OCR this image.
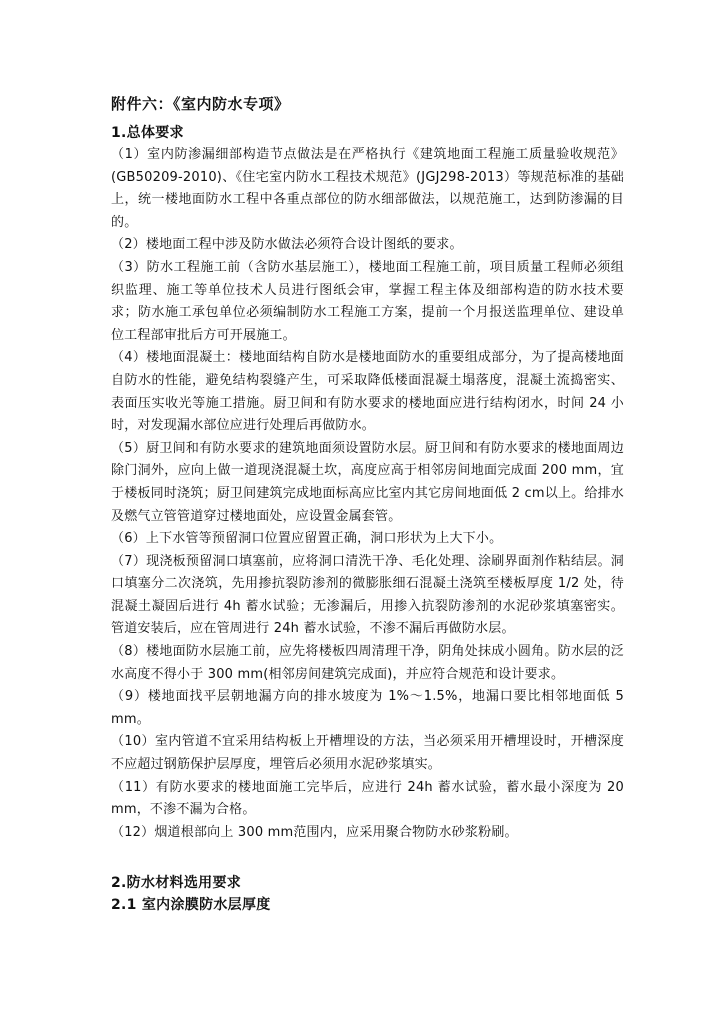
附件六：《室内防水专项》

1.总体要求

（1）室内防渗漏细部构造节点做法是在严格执行《建筑地面工程施工质量验收规范》(GB50209-2010)、《住宅室内防水工程技术规范》(JGJ298-2013）等规范标准的基础上，统一楼地面防水工程中各重点部位的防水细部做法，以规范施工，达到防渗漏的目的。

（2）楼地面工程中涉及防水做法必须符合设计图纸的要求。

（3）防水工程施工前（含防水基层施工），楼地面工程施工前，项目质量工程师必须组织监理、施工等单位技术人员进行图纸会审，掌握工程主体及细部构造的防水技术要求；防水施工承包单位必须编制防水工程施工方案，提前一个月报送监理单位、建设单位工程部审批后方可开展施工。

（4）楼地面混凝土：楼地面结构自防水是楼地面防水的重要组成部分，为了提高楼地面自防水的性能，避免结构裂缝产生，可采取降低楼面混凝土塌落度，混凝土流捣密实、表面压实收光等施工措施。厨卫间和有防水要求的楼地面应进行结构闭水，时间 24 小时，对发现漏水部位应进行处理后再做防水。

（5）厨卫间和有防水要求的建筑地面须设置防水层。厨卫间和有防水要求的楼地面周边除门洞外，应向上做一道现浇混凝土坎，高度应高于相邻房间地面完成面 200 mm，宜于楼板同时浇筑；厨卫间建筑完成地面标高应比室内其它房间地面低 2 cm以上。给排水及燃气立管管道穿过楼地面处，应设置金属套管。

（6）上下水管等预留洞口位置应留置正确，洞口形状为上大下小。

（7）现浇板预留洞口填塞前，应将洞口清洗干净、毛化处理、涂刷界面剂作粘结层。洞口填塞分二次浇筑，先用掺抗裂防渗剂的微膨胀细石混凝土浇筑至楼板厚度 1/2 处，待混凝土凝固后进行 4h 蓄水试验；无渗漏后，用掺入抗裂防渗剂的水泥砂浆填塞密实。管道安装后，应在管周进行 24h 蓄水试验，不渗不漏后再做防水层。

（8）楼地面防水层施工前，应先将楼板四周清理干净，阴角处抹成小圆角。防水层的泛水高度不得小于 300 mm(相邻房间建筑完成面)，并应符合规范和设计要求。

（9）楼地面找平层朝地漏方向的排水坡度为 1%～1.5%，地漏口要比相邻地面低 5 mm。

（10）室内管道不宜采用结构板上开槽埋设的方法，当必须采用开槽埋设时，开槽深度不应超过钢筋保护层厚度，埋管后必须用水泥砂浆填实。

（11）有防水要求的楼地面施工完毕后，应进行 24h 蓄水试验，蓄水最小深度为 20 mm，不渗不漏为合格。

（12）烟道根部向上 300 mm范围内，应采用聚合物防水砂浆粉刷。

2.防水材料选用要求

2.1 室内涂膜防水层厚度
